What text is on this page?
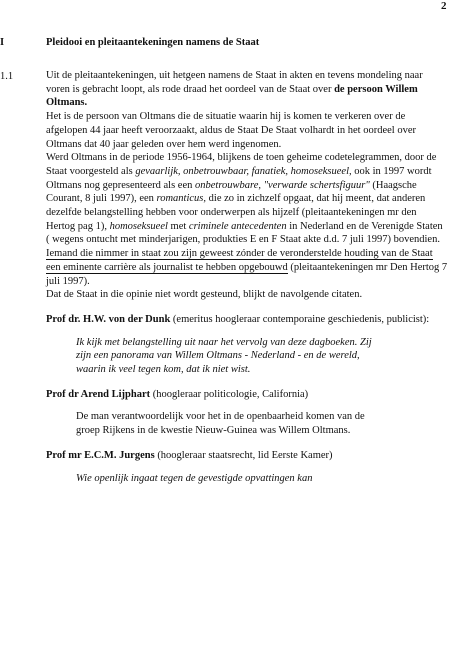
2
I	Pleidooi en pleitaantekeningen namens de Staat
1.1	Uit de pleitaantekeningen, uit hetgeen namens de Staat in akten en tevens mondeling naar voren is gebracht loopt, als rode draad het oordeel van de Staat over de persoon Willem Oltmans.

Het is de persoon van Oltmans die de situatie waarin hij is komen te verkeren over de afgelopen 44 jaar heeft veroorzaakt, aldus de Staat De Staat volhardt in het oordeel over Oltmans dat 40 jaar geleden over hem werd ingenomen.

Werd Oltmans in de periode 1956-1964, blijkens de toen geheime codetelegrammen, door de Staat voorgesteld als gevaarlijk, onbetrouwbaar, fanatiek, homoseksueel, ook in 1997 wordt Oltmans nog gepresenteerd als een onbetrouwbare, "verwarde schertsfiguur" (Haagsche Courant, 8 juli 1997), een romanticus, die zo in zichzelf opgaat, dat hij meent, dat anderen dezelfde belangstelling hebben voor onderwerpen als hijzelf (pleitaantekeningen mr den Hertog pag 1), homoseksueel met criminele antecedenten in Nederland en de Verenigde Staten ( wegens ontucht met minderjarigen, produkties E en F Staat akte d.d. 7 juli 1997) bovendien.
Iemand die nimmer in staat zou zijn geweest zónder de veronderstelde houding van de Staat een eminente carrière als journalist te hebben opgebouwd (pleitaantekeningen mr Den Hertog 7 juli 1997).

Dat de Staat in die opinie niet wordt gesteund, blijkt de navolgende citaten.

Prof dr. H.W. von der Dunk (emeritus hoogleraar contemporaine geschiedenis, publicist):

Ik kijk met belangstelling uit naar het vervolg van deze dagboeken. Zij zijn een panorama van Willem Oltmans - Nederland - en de wereld, waarin ik veel tegen kom, dat ik niet wist.

Prof dr Arend Lijphart (hoogleraar politicologie, California)

De man verantwoordelijk voor het in de openbaarheid komen van de groep Rijkens in de kwestie Nieuw-Guinea was Willem Oltmans.

Prof mr E.C.M. Jurgens (hoogleraar staatsrecht, lid Eerste Kamer)

Wie openlijk ingaat tegen de gevestigde opvattingen kan
